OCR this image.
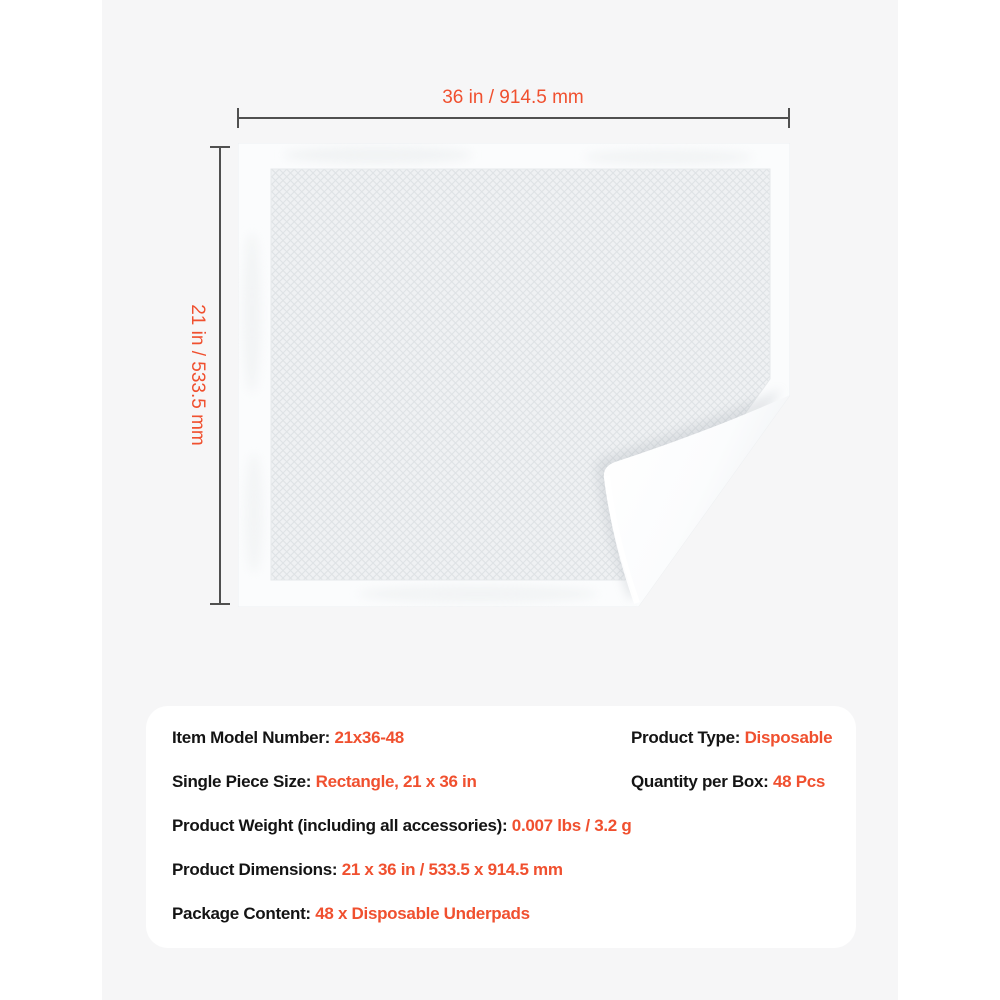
36 in / 914.5 mm
21 in / 533.5 mm
Item Model Number: 21x36-48	Product Type: Disposable
Single Piece Size: Rectangle, 21 x 36 in	Quantity per Box: 48 Pcs
Product Weight (including all accessories): 0.007 lbs / 3.2 g
Product Dimensions: 21 x 36 in / 533.5 x 914.5 mm
Package Content: 48 x Disposable Underpads
